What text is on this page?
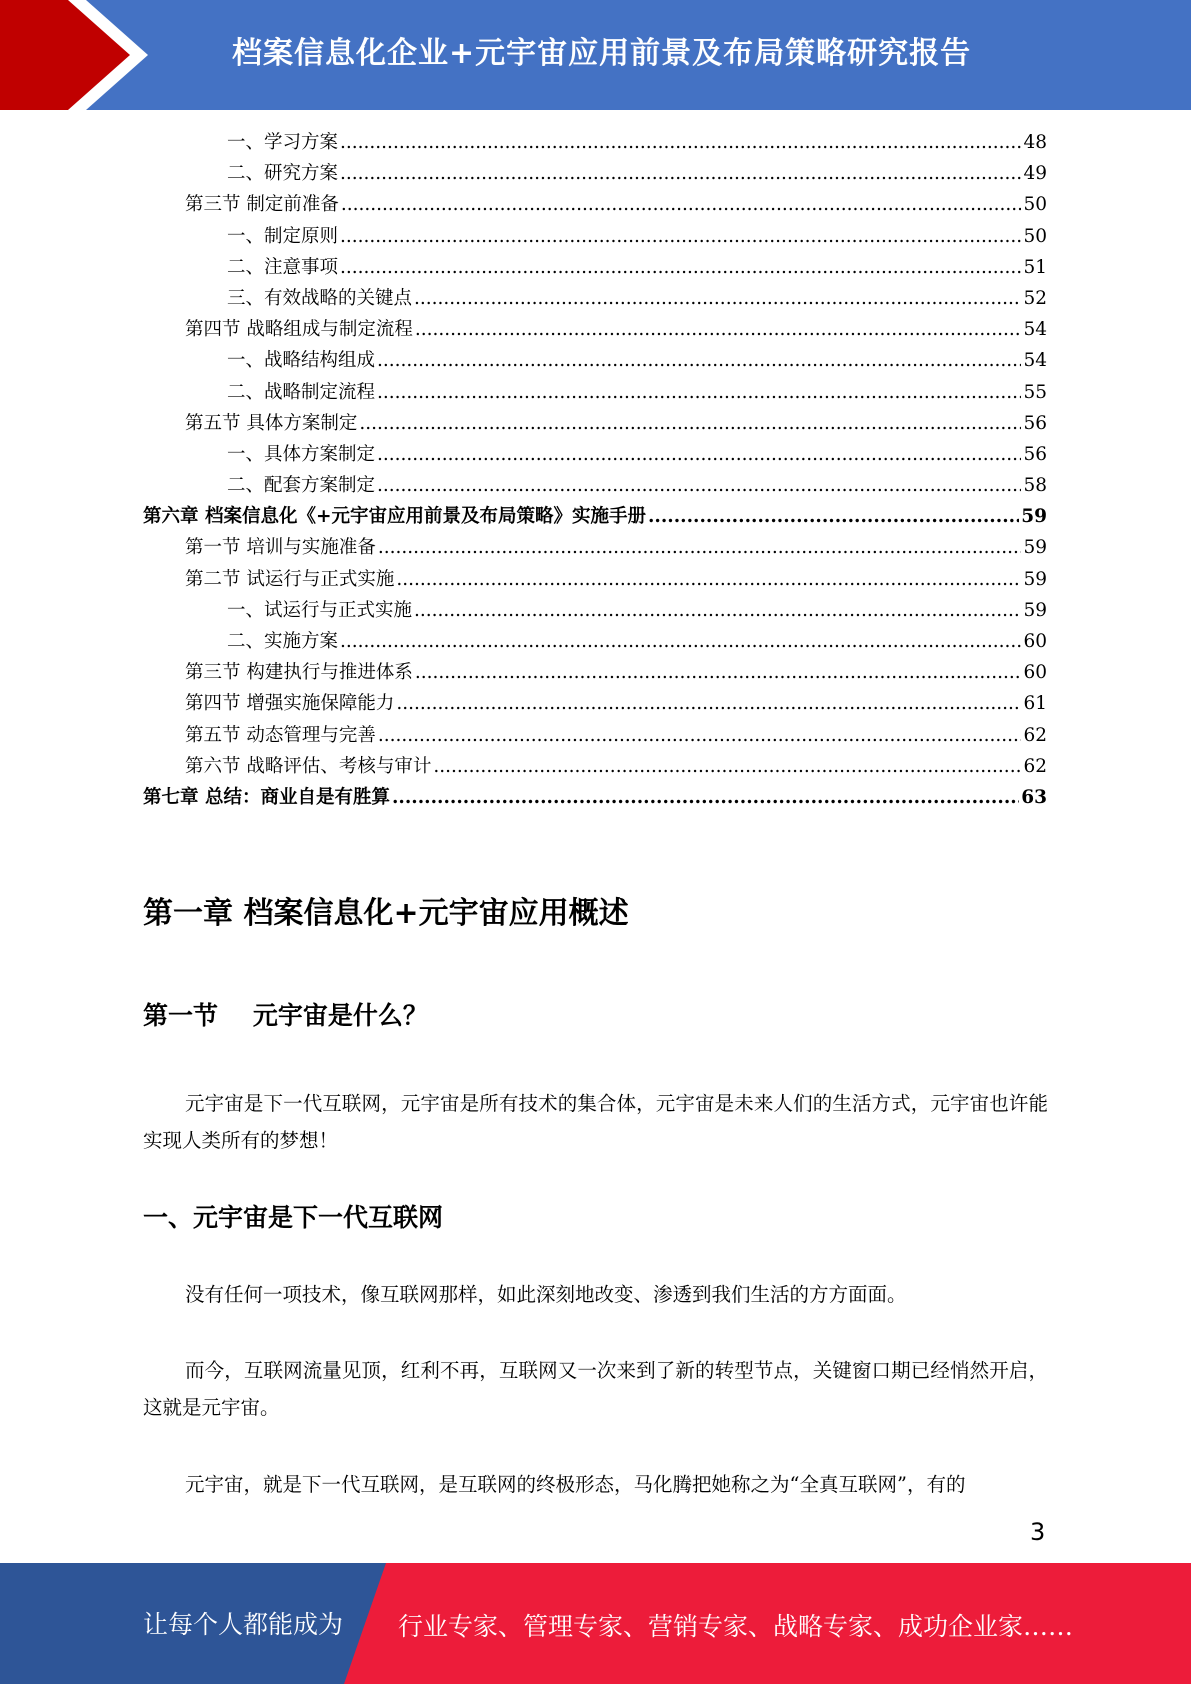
档案信息化企业+元宇宙应用前景及布局策略研究报告
一、学习方案 .....	48
二、研究方案 .....	49
第三节 制定前准备 .....	50
一、制定原则 .....	50
二、注意事项 .....	51
三、有效战略的关键点 .....	52
第四节 战略组成与制定流程 .....	54
一、战略结构组成 .....	54
二、战略制定流程 .....	55
第五节 具体方案制定 .....	56
一、具体方案制定 .....	56
二、配套方案制定 .....	58
第六章 档案信息化《+元宇宙应用前景及布局策略》实施手册 .....	59
第一节 培训与实施准备 .....	59
第二节 试运行与正式实施 .....	59
一、试运行与正式实施 .....	59
二、实施方案 .....	60
第三节 构建执行与推进体系 .....	60
第四节 增强实施保障能力 .....	61
第五节 动态管理与完善 .....	62
第六节 战略评估、考核与审计 .....	62
第七章 总结：商业自是有胜算 .....	63
第一章 档案信息化+元宇宙应用概述
第一节    元宇宙是什么？
元宇宙是下一代互联网，元宇宙是所有技术的集合体，元宇宙是未来人们的生活方式，元宇宙也许能实现人类所有的梦想！
一、元宇宙是下一代互联网
没有任何一项技术，像互联网那样，如此深刻地改变、渗透到我们生活的方方面面。
而今，互联网流量见顶，红利不再，互联网又一次来到了新的转型节点，关键窗口期已经悄然开启，这就是元宇宙。
元宇宙，就是下一代互联网，是互联网的终极形态，马化腾把她称之为“全真互联网”，有的
3
让每个人都能成为 行业专家、管理专家、营销专家、战略专家、成功企业家……
